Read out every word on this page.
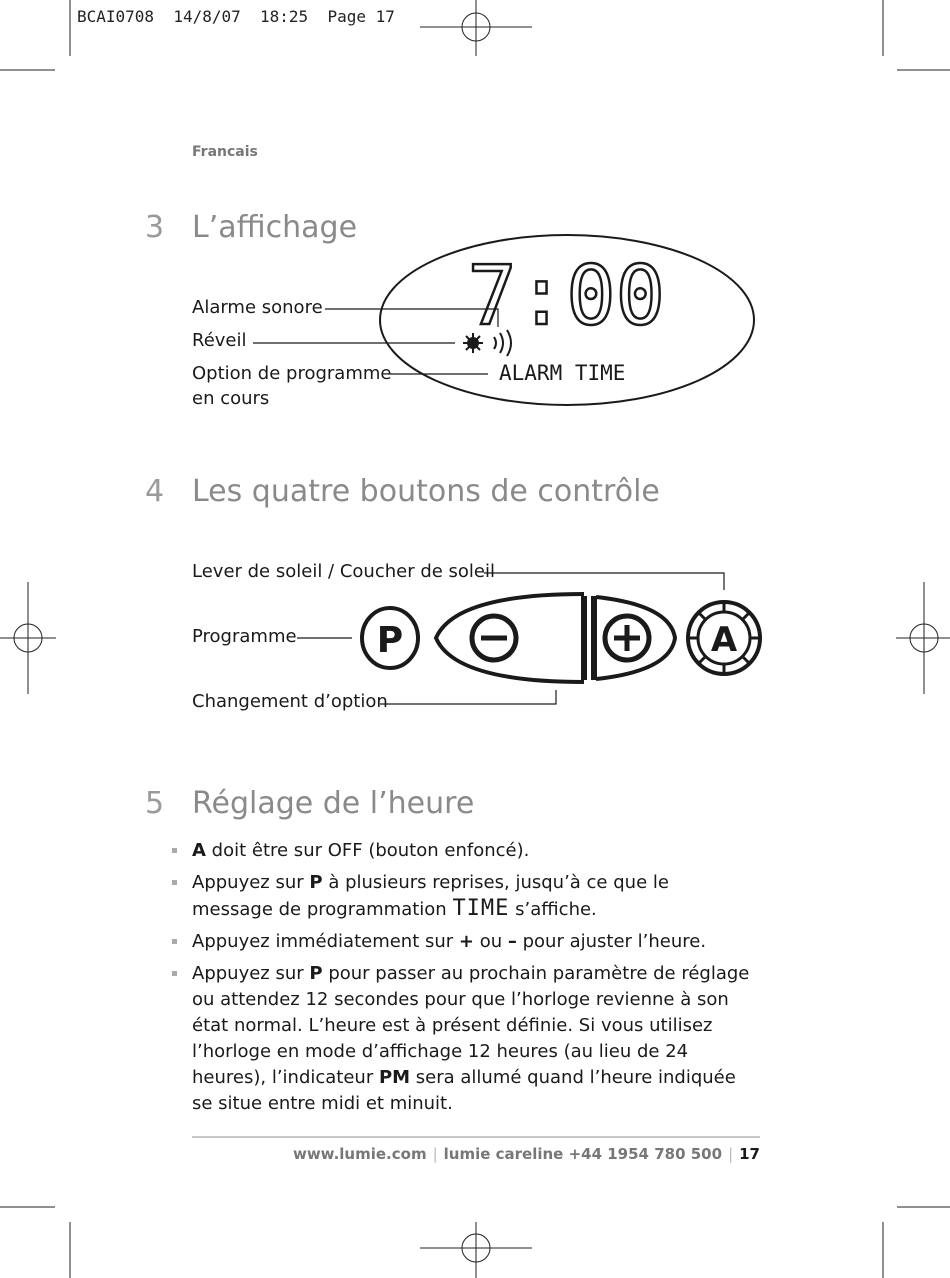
BCAI0708  14/8/07  18:25  Page 17
Francais
3 L’affichage
7:00
ALARM TIME
Alarme sonore
Réveil
Option de programme
en cours
4 Les quatre boutons de contrôle
Lever de soleil / Coucher de soleil
Programme
Changement d’option
P	A
5 Réglage de l’heure
A doit être sur OFF (bouton enfoncé).
Appuyez sur P à plusieurs reprises, jusqu’à ce que le message de programmation TIME s’affiche.
Appuyez immédiatement sur + ou – pour ajuster l’heure.
Appuyez sur P pour passer au prochain paramètre de réglage ou attendez 12 secondes pour que l’horloge revienne à son état normal. L’heure est à présent définie. Si vous utilisez l’horloge en mode d’affichage 12 heures (au lieu de 24 heures), l’indicateur PM sera allumé quand l’heure indiquée se situe entre midi et minuit.
www.lumie.com | lumie careline +44 1954 780 500 | 17
